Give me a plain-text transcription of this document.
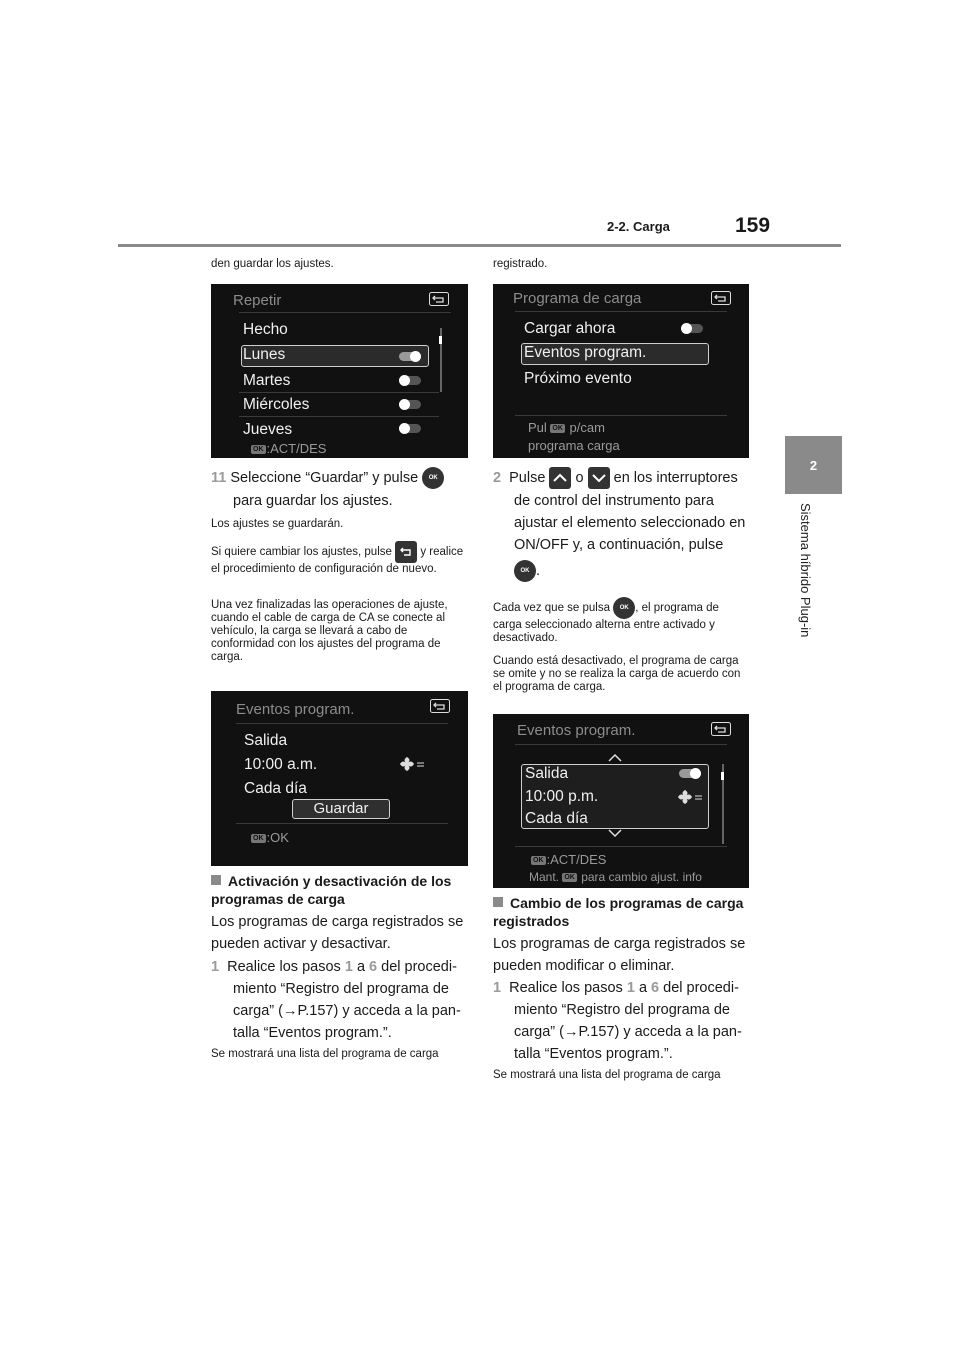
2-2. Carga	159
2
Sistema híbrido Plug-in
den guardar los ajustes.
Repetir
Hecho
Lunes
Martes
Miércoles
Jueves
OK :ACT/DES
11 Seleccione “Guardar” y pulse OK
para guardar los ajustes.
Los ajustes se guardarán.
Si quiere cambiar los ajustes, pulse y realice el procedimiento de configuración de nuevo.
Una vez finalizadas las operaciones de ajuste, cuando el cable de carga de CA se conecte al vehículo, la carga se llevará a cabo de conformidad con los ajustes del programa de carga.
Eventos program.
Salida
10:00 a.m.
Cada día
Guardar
OK :OK
Activación y desactivación de los programas de carga
Los programas de carga registrados se pueden activar y desactivar.
1 Realice los pasos 1 a 6 del procedi-
miento “Registro del programa de
carga” (→P.157) y acceda a la pan-
talla “Eventos program.”.
Se mostrará una lista del programa de carga
registrado.
Programa de carga
Cargar ahora
Eventos program.
Próximo evento
Pul OK p/cam
programa carga
2 Pulse o en los interruptores
de control del instrumento para
ajustar el elemento seleccionado en
ON/OFF y, a continuación, pulse
OK .
Cada vez que se pulsa OK , el programa de carga seleccionado alterna entre activado y desactivado.
Cuando está desactivado, el programa de carga se omite y no se realiza la carga de acuerdo con el programa de carga.
Eventos program.
Salida
10:00 p.m.
Cada día
OK :ACT/DES
Mant. OK para cambio ajust. info
Cambio de los programas de carga registrados
Los programas de carga registrados se pueden modificar o eliminar.
1 Realice los pasos 1 a 6 del procedi-
miento “Registro del programa de
carga” (→P.157) y acceda a la pan-
talla “Eventos program.”.
Se mostrará una lista del programa de carga
